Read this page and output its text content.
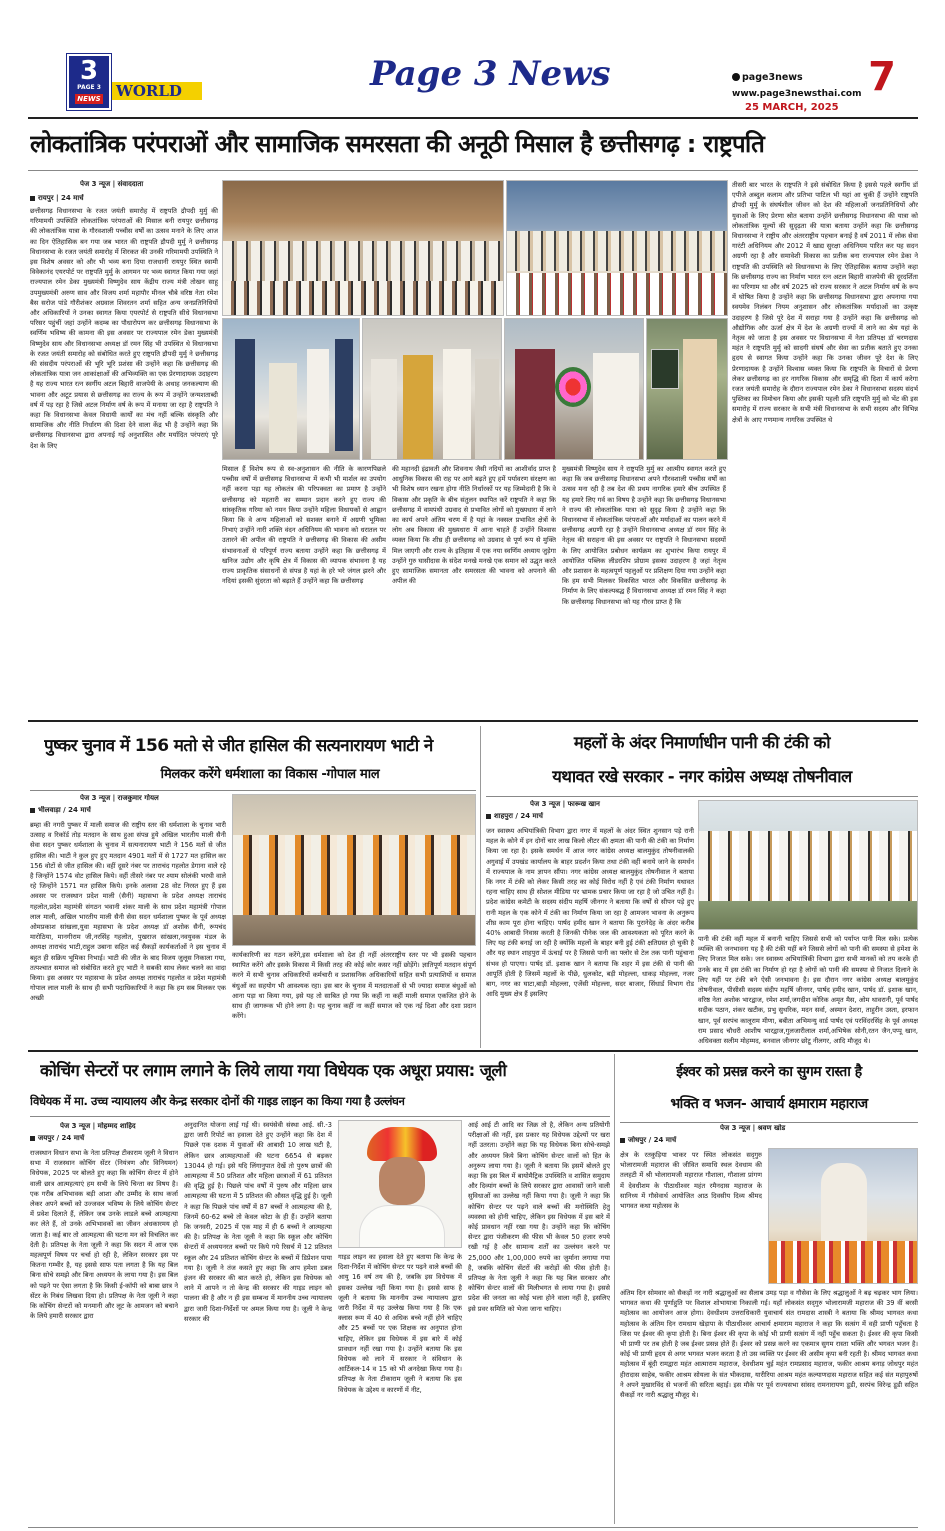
3
PAGE 3
NEWS WORLD	Page 3 News	page3news
www.page3newsthai.com
25 MARCH, 2025
7
लोकतांत्रिक परंपराओं और सामाजिक समरसता की अनूठी मिसाल है छत्तीसगढ़ : राष्ट्रपति
पेज 3 न्यूज | संवाददाता
रायपुर | 24 मार्च
छत्तीसगढ़ विधानसभा के रजत जयंती समारोह में राष्ट्रपति द्रौपदी मुर्मु की गरिमामयी उपस्थिति लोकतांत्रिक परंपराओं की मिसाल बनी रायपुर छत्तीसगढ़ की लोकतांत्रिक यात्रा के गौरवशाली पच्चीस वर्षों का उत्सव मनाने के लिए आज का दिन ऐतिहासिक बन गया जब भारत की राष्ट्रपति द्रौपदी मुर्मु ने छत्तीसगढ़ विधानसभा के रजत जयंती समारोह में शिरकत की उनकी गरिमामयी उपस्थिति ने इस विशेष अवसर को और भी भव्य बना दिया राजधानी रायपुर स्थित स्वामी विवेकानंद एयरपोर्ट पर राष्ट्रपति मुर्मु के आगमन पर भव्य स्वागत किया गया जहां राज्यपाल रमेन डेका मुख्यमंत्री विष्णुदेव साय केंद्रीय राज्य मंत्री तोखन साहू उपमुख्यमंत्री अरुण साव और विजय शर्मा महापौर मीनल चौबे वरिष्ठ नेता रमेश बैस सरोज पांडे गौरीशंकर अग्रवाल शिवरतन शर्मा सहित अन्य जनप्रतिनिधियों और अधिकारियों ने उनका स्वागत किया एयरपोर्ट से राष्ट्रपति सीधे विधानसभा परिसर पहुंचीं जहां उन्होंने कदम्ब का पौधारोपण कर छत्तीसगढ़ विधानसभा के स्वर्णिम भविष्य की कामना की इस अवसर पर राज्यपाल रमेन डेका मुख्यमंत्री विष्णुदेव साय और विधानसभा अध्यक्ष डॉ रमन सिंह भी उपस्थित थे विधानसभा के रजत जयंती समारोह को संबोधित करते हुए राष्ट्रपति द्रौपदी मुर्मु ने छत्तीसगढ़ की संसदीय परंपराओं की भूरि भूरि प्रशंसा की उन्होंने कहा कि छत्तीसगढ़ की लोकतांत्रिक यात्रा जन आकांक्षाओं की अभिव्यक्ति का एक प्रेरणादायक उदाहरण है यह राज्य भारत रत्न स्वर्गीय अटल बिहारी वाजपेयी के अथाह जनकल्याण की भावना और अटूट प्रयास से छत्तीसगढ़ का राज्य के रूप में उन्होंने जन्मशताब्दी वर्ष में पड़ रहा है जिसे अटल निर्माण वर्ष के रूप में मनाया जा रहा है राष्ट्रपति ने कहा कि विधानसभा केवल विधायी कार्यों का मंच नहीं बल्कि संस्कृति और सामाजिक और नीति निर्धारण की दिशा देने वाला केंद्र भी है उन्होंने कहा कि छत्तीसगढ़ विधानसभा द्वारा अपनाई गई अनुशासित और मर्यादित परंपराएं पूरे देश के लिए
मिसाल हैं विशेष रूप से स्व-अनुशासन की नीति के कारणपिछले पच्चीस वर्षों में छत्तीसगढ़ विधानसभा में कभी भी मार्शल का उपयोग नहीं करना पड़ा यह लोकतंत्र की परिपक्वता का प्रमाण है उन्होंने छत्तीसगढ़ को महतारी का सम्मान प्रदान करने हुए राज्य की सांस्कृतिक गरिमा को नमन किया उन्होंने महिला विधायकों से आह्वान किया कि वे अन्य महिलाओं को सशक्त बनाने में अग्रणी भूमिका निभाएं उन्होंने नारी शक्ति वंदन अधिनियम की भावना को धरातल पर उतारने की अपील की राष्ट्रपति ने छत्तीसगढ़ की विकास की असीम संभावनाओं से परिपूर्ण राज्य बताया उन्होंने कहा कि छत्तीसगढ़ में खनिज उद्योग और कृषि क्षेत्र में विकास की व्यापक संभावना है यह राज्य प्राकृतिक संसाधनों से संपन्न है यहां के हरे भरे जंगल झरने और नदियां इसकी सुंदरता को बढ़ाते हैं उन्होंने कहा कि छत्तीसगढ़
की महानदी इंद्रावती और शिवनाथ जैसी नदियों का आशीर्वाद प्राप्त है आधुनिक विकास की राह पर आगे बढ़ते हुए हमें पर्यावरण संरक्षण का भी विशेष ध्यान रखना होगा नीति निर्धारकों पर यह जिम्मेदारी है कि वे विकास और प्रकृति के बीच संतुलन स्थापित करें राष्ट्रपति ने कहा कि छत्तीसगढ़ में वामपंथी उग्रवाद से प्रभावित लोगों को मुख्यधारा में लाने का कार्य अपने अंतिम चरण में है यहां के नक्सल प्रभावित क्षेत्रों के लोग अब विकास की मुख्यधारा में आना चाहते हैं उन्होंने विश्वास व्यक्त किया कि शीघ्र ही छत्तीसगढ़ को उग्रवाद से पूर्ण रूप से मुक्ति मिल जाएगी और राज्य के इतिहास में एक नया स्वर्णिम अध्याय जुड़ेगा उन्होंने गुरु घासीदास के संदेश मनखे मनखे एक समान को उद्धृत करते हुए सामाजिक समानता और समरसता की भावना को अपनाने की अपील की
मुख्यमंत्री विष्णुदेव साय ने राष्ट्रपति मुर्मु का आत्मीय स्वागत करते हुए कहा कि जब छत्तीसगढ़ विधानसभा अपने गौरवशाली पच्चीस वर्षों का उत्सव मना रही है तब देश की प्रथम नागरिक हमारे बीच उपस्थित हैं यह हमारे लिए गर्व का विषय है उन्होंने कहा कि छत्तीसगढ़ विधानसभा ने राज्य की लोकतांत्रिक यात्रा को सुदृढ़ किया है उन्होंने कहा कि विधानसभा में लोकतांत्रिक परंपराओं और मर्यादाओं का पालन करने में छत्तीसगढ़ अग्रणी रहा है उन्होंने विधानसभा अध्यक्ष डॉ रमन सिंह के नेतृत्व की सराहना की इस अवसर पर राष्ट्रपति ने विधानसभा सदस्यों के लिए आयोजित प्रबोधन कार्यक्रम का शुभारंभ किया रायपुर में आयोजित पब्लिक लीडरशिप प्रोग्राम इसका उदाहरण है जहां नेतृत्व और प्रशासन के महत्वपूर्ण पहलुओं पर प्रशिक्षण दिया गया उन्होंने कहा कि हम सभी मिलकर विकसित भारत और विकसित छत्तीसगढ़ के निर्माण के लिए संकल्पबद्ध हैं विधानसभा अध्यक्ष डॉ रमन सिंह ने कहा कि छत्तीसगढ़ विधानसभा को यह गौरव प्राप्त है कि
तीसरी बार भारत के राष्ट्रपति ने इसे संबोधित किया है इससे पहले स्वर्गीय डॉ एपीजे अब्दुल कलाम और प्रतिभा पाटिल भी यहां आ चुकी हैं उन्होंने राष्ट्रपति द्रौपदी मुर्मु के संघर्षशील जीवन को देश की महिलाओं जनप्रतिनिधियों और युवाओं के लिए प्रेरणा स्रोत बताया उन्होंने छत्तीसगढ़ विधानसभा की यात्रा को लोकतांत्रिक मूल्यों की सुदृढ़ता की यात्रा बताया उन्होंने कहा कि छत्तीसगढ़ विधानसभा ने राष्ट्रीय और अंतरराष्ट्रीय पहचान बनाई है वर्ष 2011 में लोक सेवा गारंटी अधिनियम और 2012 में खाद्य सुरक्षा अधिनियम पारित कर यह सदन अग्रणी रहा है और समावेशी विकास का प्रतीक बना राज्यपाल रमेन डेका ने राष्ट्रपति की उपस्थिति को विधानसभा के लिए ऐतिहासिक बताया उन्होंने कहा कि छत्तीसगढ़ राज्य का निर्माण भारत रत्न अटल बिहारी वाजपेयी की दूरदर्शिता का परिणाम था और वर्ष 2025 को राज्य सरकार ने अटल निर्माण वर्ष के रूप में घोषित किया है उन्होंने कहा कि छत्तीसगढ़ विधानसभा द्वारा अपनाया गया स्वयमेव निलंबन नियम अनुशासन और लोकतांत्रिक मर्यादाओं का उत्कृष्ट उदाहरण है जिसे पूरे देश में सराहा गया है उन्होंने कहा कि छत्तीसगढ़ को औद्योगिक और ऊर्जा क्षेत्र में देश के अग्रणी राज्यों में लाने का श्रेय यहां के नेतृत्व को जाता है इस अवसर पर विधानसभा में नेता प्रतिपक्ष डॉ चरणदास महंत ने राष्ट्रपति मुर्मु को सादगी संघर्ष और सेवा का प्रतीक बताते हुए उनका हृदय से स्वागत किया उन्होंने कहा कि उनका जीवन पूरे देश के लिए प्रेरणादायक है उन्होंने विश्वास व्यक्त किया कि राष्ट्रपति के विचारों से प्रेरणा लेकर छत्तीसगढ़ का हर नागरिक विकास और समृद्धि की दिशा में कार्य करेगा रजत जयंती समारोह के दौरान राज्यपाल रमेन डेका ने विधानसभा सदस्य संदर्भ पुस्तिका का विमोचन किया और इसकी पहली प्रति राष्ट्रपति मुर्मु को भेंट की इस समारोह में राज्य सरकार के सभी मंत्री विधानसभा के सभी सदस्य और विभिन्न क्षेत्रों के आए गणमान्य नागरिक उपस्थित थे
पुष्कर चुनाव में 156 मतो से जीत हासिल की सत्यनारायण भाटी ने
मिलकर करेंगे धर्मशाला का विकास -गोपाल माल
पेज 3 न्यूज | राजकुमार गोयल
भीलवाड़ा / 24 मार्च
ब्रम्हा की नगरी पुष्कर में माली समाज की राष्ट्रीय स्तर की धर्मशाला के चुनाव भारी उत्साह व रिकॉर्ड तोड़ मतदान के साथ हुआ संपन्न हुये अखिल भारतीय माली सैनी सेवा सदन पुष्कर धर्मशाला के चुनाव में सत्यनारायण भाटी ने 156 मतों से जीत हासिल की। भाटी ने कुल हुए हुए मतदान 4901 मतों में से 1727 मत हासिल कर 156 वोटों से जीत हासिल की। वहीं दूसरे नंबर पर ताराचंद गहलोत डेगाना वाले रहे है जिन्होंने 1574 वोट हासिल किये। वहीं तीसरे नंबर पर श्याम सोलंकी भरथी वाले रहे जिन्होंने 1571 मत हासिल किये। इनके अलावा 28 वोट निरस्त हुए हैं इस अवसर पर राजस्थान प्रदेश माली (सैनी) महासभा के प्रदेश अध्यक्ष ताराचंद गहलोत,प्रदेश महामंत्री संगठन भवानी शंकर माली के साथ प्रदेश महामंत्री गोपाल लाल माली, अखिल भारतीय माली सैनी सेवा सदन धर्मशाला पुष्कर के पूर्व अध्यक्ष ओमप्रकाश सांखला,युवा महासभा के प्रदेश अध्यक्ष डॉ अशोक सैनी, रूपचंद मारोठिया, मानगीराम जी,नरसिंह गहलोत, पुखराज सांखला,नवयुवक मंडल के अध्यक्ष ताराचंद भाटी,राहुल उबाना सहित कई सैकड़ों कार्यकर्ताओं ने इस चुनाव में बहुत ही सक्रिय भूमिका निभाई। भाटी की जीत के बाद विजय जुलूस निकाला गया, तत्पश्चात समाज को संबोधित करते हुए भाटी ने सबकी साथ लेकर चलने का वादा किया। इस अवसर पर महासभा के प्रदेश अध्यक्ष ताराचंद गहलोत व प्रदेश महामंत्री गोपाल लाल माली के साथ ही सभी पदाधिकारियों ने कहा कि हम सब मिलकर एक अच्छी
कार्यकारिणी का गठन करेंगे,इस धर्मशाला को देश ही नहीं अंतरराष्ट्रीय स्तर पर भी इसकी पहचान स्थापित करेंगे और इसके विकास में किसी तरह की कोई कोर कसर नहीं छोड़ेंगे। ज्ञातिपूर्ण मतदान संपूर्ण करने में सभी चुनाव अधिकारियों कर्मचारी व प्रशासनिक अधिकारियों सहित सभी प्रत्याशियों व समाज बंधुओं का सहयोग भी आवश्यक रहा। इस बार के चुनाव में मतदाताओं से भी ज्यादा समाज बंधुओं को आना पड़ा था किया गया, इसे यह तो साबित हो गया कि कहीं ना कहीं माली समाज एकजित होने के साथ ही जागरूक भी होने लगा है। यह चुनाव कहीं ना कहीं समाज को एक नई दिशा और दशा प्रदान करेंगे।
महलों के अंदर निमार्णाधीन पानी की टंकी को
यथावत रखे सरकार - नगर कांग्रेस अध्यक्ष तोषनीवाल
पेज 3 न्यूज | फारूख खान
शाहपुरा / 24 मार्च
जन स्वास्थ्य अभियांत्रिकी विभाग द्वारा नगर में महलों के अंदर स्थित शुनसान पड़े रानी महल के कोने में इन दोनों चार लाख किलो लीटर की क्षमता की पानी की टंकी का निर्माण किया जा रहा है। इसके समर्थन में आज नगर कांग्रेस अध्यक्ष बालमुकुंद तोषनीवालकी अगुवाई में उपखंड कार्यालय के बाहर प्रदर्शन किया तथा टंकी वहीं बनाये जाने के समर्थन में राज्यपाल के नाम ज्ञापन सौंपा। नगर कांग्रेस अध्यक्ष बालमुकुंद तोषनीवाल ने बताया कि नगर में टंकी को लेकर किसी तरह का कोई विरोध नहीं है एवं टंकी निर्माण यथावत रहना चाहिए साथ ही सोशल मीडिया पर भ्रामक प्रचार किया जा रहा है जो उचित नहीं है। प्रदेश कांग्रेस कमेटी के सदस्य संदीप महर्षि जीनगर ने बताया कि वर्षों से सीपन पड़े हुए रानी महल के एक कोने में टंकी का निर्माण किया जा रहा है आमजन भावना के अनुरूप शीघ्र काम पूरा होना चाहिए। पार्षद हमीद खान ने बताया कि पुरानेदेह के अंदर करीब 40% आबादी निवास करती है जिनकी पीनेक जल की आवश्यकता को पूरित करने के लिए यह टंकी बनाई जा रही है क्योंकि महलों के बाहर बनी हुई टंकी क्षतिग्रस्त हो चुकी है और यह स्थान शाहपुरा में ऊंचाई पर है जिससे पानी का फ्लोर से टेल तक पानी पहुंचाना संभव हो पाएगा। पार्षद डॉ. इशाक खान ने बताया कि शहर में इस टंकी से पानी की आपूर्ति होती है जिसमें महलों के पीछे, धुलकोट, बड़ी मोहल्ला, धाकड़ मोहल्ला, नजर बाग, नगर का घाटा,बाड़ी मोहल्ला, एजेंसी मोहल्ला, सदर बाजार, सिंधार्ड विभाग रोड आदि मुख्य क्षेत्र हैं इसलिए
पानी की टंकी वहीं महल में बनानी चाहिए जिससे सभी को पर्याप्त पानी मिल सके। प्रत्येक व्यक्ति की जनभावना यह है की टंकी यहीं बने जिससे लोगों को पानी की समस्या से हमेशा के लिए निजात मिल सके। जन स्वास्थ्य अभियांत्रिकी विभाग द्वारा सभी मानकों को तय करके ही उनके बाद में इस टंकी का निर्माण हो रहा है लोगों को पानी की समस्या से निजात दिलाने के लिए यहीं पर टंकी बने ऐसी जनभावना है। इस दौरान नगर कांग्रेस अध्यक्ष बालमुकुंद तोषनीवाल, पीसीसी सदस्य संदीप महर्षि जीनगर, पार्षद हमीद खान, पार्षद डॉ. इशाक खान, वरिष्ठ नेता अशोक भारद्वाज, रमेश शर्मा,जगदीश कोरिक अमृत मैस, ओम थावरानी, पूर्व पार्षद सदीक पठान, शंकर खटीक, प्रभु सुथरिक, मदन सर्वा, अस्मान देशरा, ताहुरीन उस्ता, इरफान खान, पूर्व सरपंच कालूराम मीणा, बबीता अभिमन्यु वार्ड पार्षद एवं परविंदरसिंह के पूर्व अध्यक्ष राम प्रसाद चौधरी आशीष भारद्वाज,गुलजारीलाल शर्मा,अभिषेक सोनी,रतन जैन,पप्पू खान, अधिवक्ता सलीम मोहम्मद, बनवाल जीनगर छोटू नीलगर, आदि मौजूद थे।
कोचिंग सेन्टरों पर लगाम लगाने के लिये लाया गया विधेयक एक अधूरा प्रयास: जूली
विधेयक में मा. उच्च न्यायालय और केन्द्र सरकार दोनों की गाइड लाइन का किया गया है उल्लंघन
पेज 3 न्यूज | मोहम्मद शाहिद
जयपुर / 24 मार्च
राजस्थान विधान सभा के नेता प्रतिपक्ष टीकाराम जूली ने विधान सभा में राजस्थान कोचिंग सेंटर (नियंत्रण और विनियमन) विधेयक, 2025 पर बोलते हुए कहा कि कोचिंग सेन्टर में होने वाली छात्र आत्महत्याएं हम सभी के लिये चिन्ता का विषय है। एक गरीब अभिभावक बड़ी आशा और उम्मीद के साथ कर्जा लेकर अपने बच्चों को उज्जवल भविष्य के लिये कोचिंग सेन्टर में प्रवेश दिलाते हैं, लेकिन जब उनके लाडले बच्चे आत्महत्या कर लेते हैं, तो उनके अभिभावकों का जीवन अंधकारमय हो जाता है। कई बार तो आत्महत्या की घटना मन को विचलित कर देती है। प्रतिपक्ष के नेता जूली ने कहा कि सदन में आज एक महत्वपूर्ण विषय पर चर्चा हो रही है, लेकिन सरकार इस पर कितना गम्भीर है, यह इससे साफ पता लगता है कि यह बिल बिना सोचे समझे और बिना अध्ययन के लाया गया है। इस बिल को पढ़ने पर ऐसा लगता है कि किसी ई-कॉपी को बाबा छात्र ने सेंटर के निबंध लिखवा दिया हो। प्रतिपक्ष के नेता जूली ने कहा कि कोचिंग सेन्टरों को मनमानी और लूट के आमजन को बचाने के लिये हमारी सरकार द्वारा
अनुदानित योजना लाई गई थी। स्वयंसेवी संस्था आई. सी.-3 द्वारा जारी रिपोर्ट का हवाला देते हुए उन्होंने कहा कि देश में पिछले एक दशक में युवाओं की आबादी 10 लाख घटी है, लेकिन छात्र आत्महत्याओं की घटना 6654 से बढ़कर 13044 हो गई। इसे यदि लिंगानुपात देखें तो पुरुष छात्रों की आत्महत्या में 50 प्रतिशत और महिला छात्राओं में 61 प्रतिशत की वृद्धि हुई है। पिछले पांच वर्षों में पुरुष और महिला छात्र आत्महत्या की घटना में 5 प्रतिशत की औसत वृद्धि हुई है। जूली ने कहा कि पिछले पांच वर्षों में 87 बच्चों ने आत्महत्या की है, जिनमें 60-62 बच्चे तो केवल कोटा के ही हैं। उन्होंने बताया कि जनवरी, 2025 में एक माह में ही 6 बच्चों ने आत्महत्या की है। प्रतिपक्ष के नेता जूली ने कहा कि स्कूल और कोचिंग सेन्टरों में अध्ययनरत बच्चों पर किये गये रिसर्च में 12 प्रतिशत स्कूल और 24 प्रतिशत कोचिंग सेन्टर के बच्चों में डिप्रेशन पाया गया है। जूली ने तंज कसते हुए कहा कि आप हमेशा डबल इंजन की सरकार की बात करते हो, लेकिन इस विधेयक को लाने में आपने न तो केन्द्र की सरकार की गाइड लाइन को पालना की है और न ही इस सम्बन्ध में माननीय उच्च न्यायालय द्वारा जारी दिशा-निर्देशों पर अमल किया गया है। जूली ने केन्द्र सरकार की
गाइड लाइन का हवाला देते हुए बताया कि केन्द्र के दिशा-निर्देश में कोचिंग सेन्टर पर पढ़ने वाले बच्चों की आयु 16 वर्ष तय की है, जबकि इस विधेयक में इसका उल्लेख नहीं किया गया है। इससे साफ है जूली ने बताया कि माननीय उच्च न्यायालय द्वारा जारी निर्देश में यह उल्लेख किया गया है कि एक क्लास रूम में 40 से अधिक बच्चे नहीं होने चाहिए और 25 बच्चों पर एक शिक्षक का अनुपात होना चाहिए, लेकिन इस विधेयक में इस बारे में कोई प्रावधान नहीं रखा गया है। उन्होंने बताया कि इस विधेयक को लाने में सरकार ने संविधान के आर्टिकल-14 व 15 को भी अनदेखा किया गया है। प्रतिपक्ष के नेता टीकाराम जूली ने बताया कि इस विधेयक के उद्देश्य व कारणों में नीट,
आई आई टी आदि का जिक्र तो है, लेकिन अन्य प्रतियोगी परीक्षाओं की नहीं, इस प्रकार यह विधेयक उद्देश्यों पर खरा नहीं उतरता। उन्होंने कहा कि यह विधेयक बिना सोचे-समझे और अध्ययन किये बिना कोचिंग सेन्टर वालों को हित के अनुरूप लाया गया है। जूली ने बताया कि इसमें बोलते हुए कहा कि इस बिल में बायोमैट्रिक उपस्थिति व शासित समुदाय और दिव्यांग बच्चों के लिये सरकार द्वारा आवासों जाने वाली सुविधाओं का उल्लेख नहीं किया गया है। जूली ने कहा कि कोचिंग सेन्टर पर पढ़ने वाले बच्चों की मनोस्थिति हेतु व्यवस्था को होनी चाहिए, लेकिन इस विधेयक में इस बारे में कोई प्रावधान नहीं रखा गया है। उन्होंने कहा कि कोचिंग सेन्टर द्वारा पंजीकरण की फीस भी केवल 50 हजार रुपये रखी गई है और सामान्य शर्तों का उल्लंघन करने पर 25,000 और 1,00,000 रुपये का जुर्माना लगाया गया है, जबकि कोचिंग सेंटरों की करोड़ों की फीस होती है। प्रतिपक्ष के नेता जूली ने कहा कि यह बिल सरकार और कोचिंग सेन्टर वालों की मिलीभगत से लाया गया है। इससे प्रदेश की जनता का कोई भला होने वाला नहीं है, इसलिए इसे प्रवर समिति को भेजा जाना चाहिए।
ईश्वर को प्रसन्न करने का सुगम रास्ता है
भक्ति व भजन- आचार्य क्षमाराम महाराज
पेज 3 न्यूज | श्रवण खोड
जोधपुर / 24 मार्च
क्षेत्र के रतकुड़िया भाकर पर स्थित लोकसंत सद्‌गुरु भोलारामजी महाराज की जीवित समाधि स्थल देवधाम की तलहटी में श्री भोलारामजी महाराज गौशाला, गौशाला प्रांगण में देवधीशम के पीठाधीश्वर महंत रमैनदास महाराज के सानिध्य में गौसेवार्थ आयोजित आठ दिवसीय दिव्य श्रीमद भागवत कथा महोत्सव के
अंतिम दिन सोमवार को सैकड़ों नर नारी श्रद्धालुओं का सैलाब उमड़ पड़ा व गौसेवा के लिए श्रद्धालुओं ने बढ़ चढ़कर भाग लिया। भागवत कथा की पूर्णाहुति पर विशाल शोभायात्रा निकाली गई। यहाँ लोकसंत सद्‌गुरु भोलारामजी महाराज की 39 वीं बरसी महोत्सव का आयोजन आज होगा। देवधीशम उत्तराधिकारी युवाचार्य संत रामदास शास्त्री ने बताया कि श्रीमद भागवत कथा महोत्सव के अंतिम दिन रामधाम खेड़ापा के पीठाधीश्वर आचार्य क्षमाराम महाराज ने कहा कि सत्संग में वही प्राणी पहुँचता है जिस पर ईश्वर की कृपा होती है। बिना ईश्वर की कृपा के कोई भी प्राणी सत्संग में नहीं पहुँच सकता है। ईश्वर की कृपा किसी भी प्राणी पर तब होती है जब ईश्वर प्रसन्न होते हैं। ईश्वर को प्रसन्न करने का एकमात्र सुगम रास्ता भक्ति और भगवत भजन है। कोई भी प्राणी हृदय से अगर भगवत भजन करता है तो उस व्यक्ति पर ईश्वर की असीम कृपा बनी रहती है। श्रीमद भागवत कथा महोत्सव में बूंदी रामद्वारा महंत आत्माराम महाराज, देवधीशम चुई महंत रामप्रसाद महाराज, फकीर आश्रम बनाड़ जोधपुर महंत हीरादास साहेब, फकीर आश्रम सोयला के संत भीकदास, यारीरिया आश्रम महंत कल्याणदास महाराज सहित कई संत महापुरुषों ने अपने मुखारविंद से भजनों की सरिता बहाई। इस मौके पर पूर्व राज्यसभा सांसद रामनारायण डूडी, सरपंच विरेन्द्र डूडी सहित सैकड़ों नर नारी श्रद्धालु मौजूद थे।
